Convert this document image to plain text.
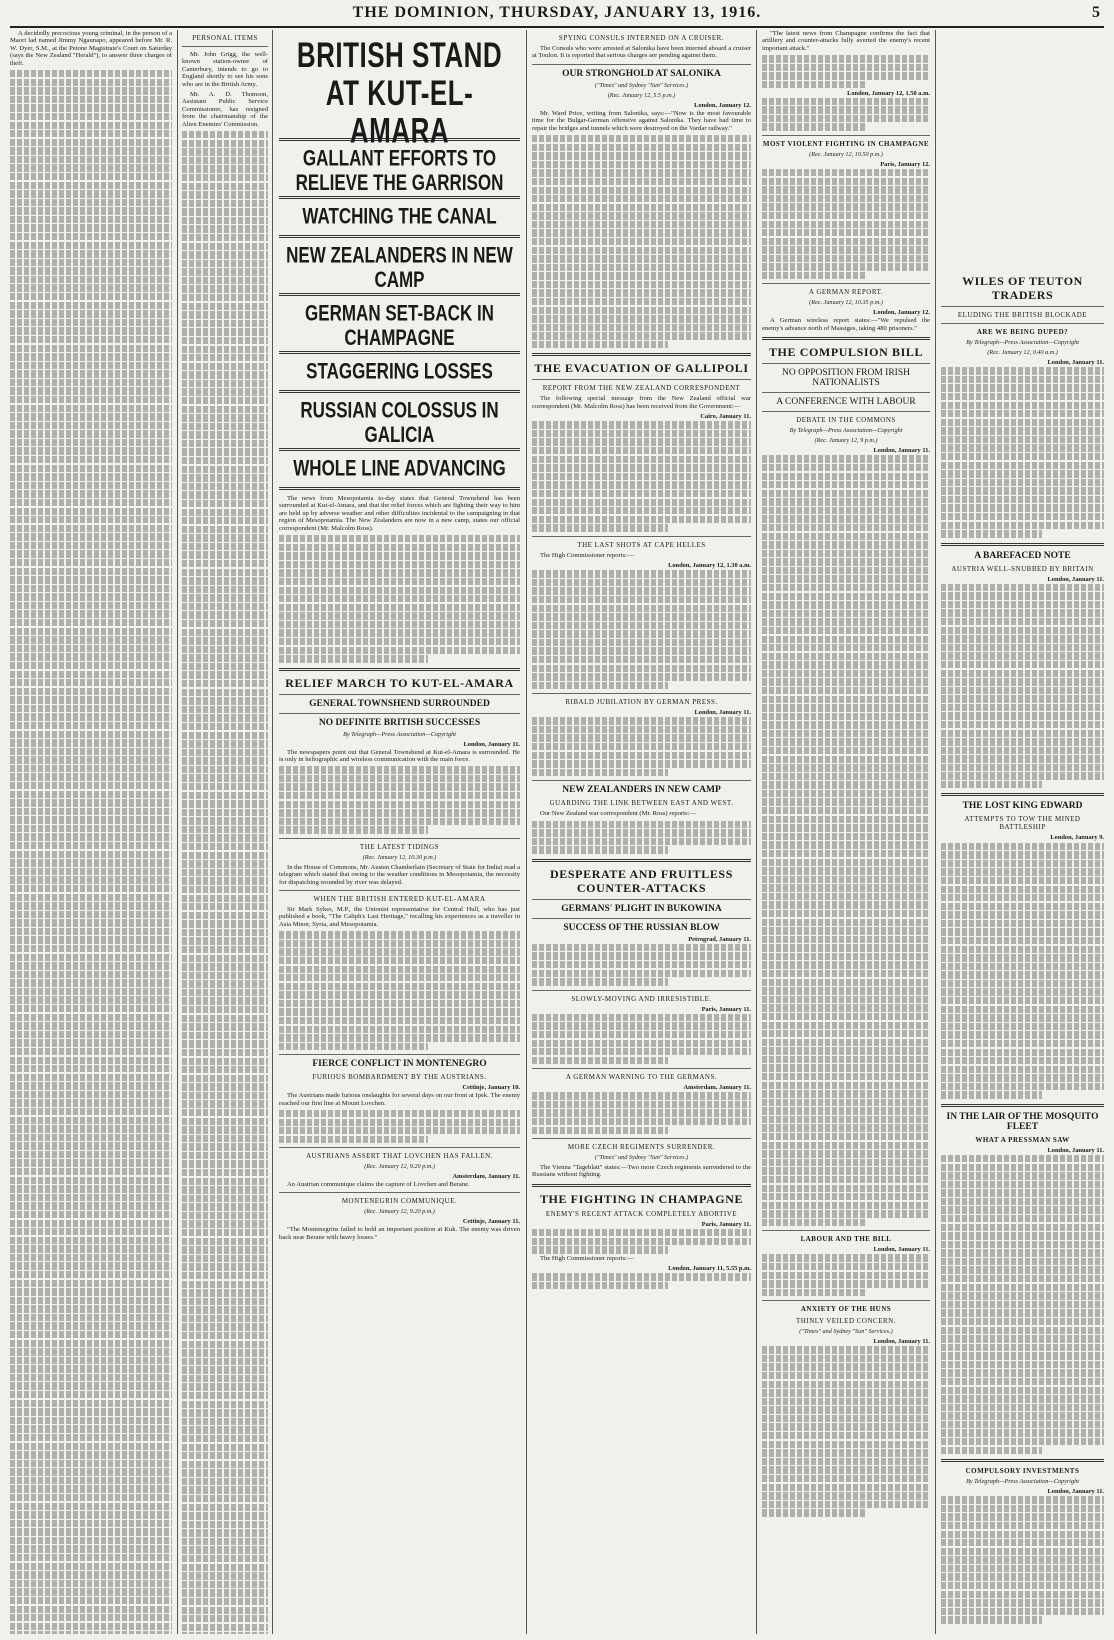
THE DOMINION, THURSDAY, JANUARY 13, 1916.	5

A decidedly precocious young criminal, in the person of a Maori lad named Jimmy Ngaunapo, appeared before Mr. R. W. Dyer, S.M., at the Petone Magistrate's Court on Saturday (says the New Zealand "Herald"), to answer three charges of theft.

PERSONAL ITEMS

Mr. John Grigg, the well-known station-owner of Canterbury, intends to go to England shortly to see his sons who are in the British Army.

Mr. A. D. Thomson, Assistant Public Service Commissioner, has resigned from the chairmanship of the Alien Enemies' Commission.

BRITISH STAND AT KUT-EL-AMARA
GALLANT EFFORTS TO RELIEVE THE GARRISON
WATCHING THE CANAL
NEW ZEALANDERS IN NEW CAMP
GERMAN SET-BACK IN CHAMPAGNE
STAGGERING LOSSES
RUSSIAN COLOSSUS IN GALICIA
WHOLE LINE ADVANCING

The news from Mesopotamia to-day states that General Townshend has been surrounded at Kut-el-Amara, and that the relief forces which are fighting their way to him are held up by adverse weather and other difficulties incidental to the campaigning in that region of Mesopotamia. The New Zealanders are now in a new camp, states our official correspondent (Mr. Malcolm Ross).

RELIEF MARCH TO KUT-EL-AMARA
GENERAL TOWNSHEND SURROUNDED
NO DEFINITE BRITISH SUCCESSES
By Telegraph—Press Association—Copyright
London, January 11.

The newspapers point out that General Townshend at Kut-el-Amara is surrounded. He is only in heliographic and wireless communication with the main force.

THE LATEST TIDINGS
(Rec. January 12, 10.30 p.m.)

In the House of Commons, Mr. Austen Chamberlain (Secretary of State for India) read a telegram which stated that owing to the weather conditions in Mesopotamia, the necessity for dispatching wounded by river was delayed.

WHEN THE BRITISH ENTERED KUT-EL-AMARA

Sir Mark Sykes, M.P., the Unionist representative for Central Hull, who has just published a book, "The Caliph's Last Heritage," recalling his experiences as a traveller in Asia Minor, Syria, and Mesopotamia.

FIERCE CONFLICT IN MONTENEGRO
FURIOUS BOMBARDMENT BY THE AUSTRIANS.
Cettinje, January 10.

The Austrians made furious onslaughts for several days on our front at Ipek. The enemy reached our first line at Mount Lovchen.

AUSTRIANS ASSERT THAT LOVCHEN HAS FALLEN.
(Rec. January 12, 9.20 p.m.)
Amsterdam, January 11.

An Austrian communique claims the capture of Lovchen and Berane.

MONTENEGRIN COMMUNIQUE.
(Rec. January 12, 9.20 p.m.)
Cettinje, January 11.

"The Montenegrins failed to hold an important position at Kuk. The enemy was driven back near Berane with heavy losses."

SPYING CONSULS INTERNED ON A CRUISER.

The Consuls who were arrested at Salonika have been interned aboard a cruiser at Toulon. It is reported that serious charges are pending against them.

OUR STRONGHOLD AT SALONIKA
("Times" and Sydney "Sun" Services.)
(Rec. January 12, 5.5 p.m.)
London, January 12.

Mr. Ward Price, writing from Salonika, says:—"Now is the most favourable time for the Bulgar-German offensive against Salonika. They have had time to repair the bridges and tunnels which were destroyed on the Vardar railway."

THE EVACUATION OF GALLIPOLI
REPORT FROM THE NEW ZEALAND CORRESPONDENT

The following special message from the New Zealand official war correspondent (Mr. Malcolm Ross) has been received from the Government:—

Cairo, January 11.
THE LAST SHOTS AT CAPE HELLES

The High Commissioner reports:—

London, January 12, 1.30 a.m.
RIBALD JUBILATION BY GERMAN PRESS.
London, January 11.
NEW ZEALANDERS IN NEW CAMP
GUARDING THE LINK BETWEEN EAST AND WEST.

Our New Zealand war correspondent (Mr. Ross) reports:—

DESPERATE AND FRUITLESS COUNTER-ATTACKS
GERMANS' PLIGHT IN BUKOWINA
SUCCESS OF THE RUSSIAN BLOW
Petrograd, January 11.
SLOWLY-MOVING AND IRRESISTIBLE.
Paris, January 11.
A GERMAN WARNING TO THE GERMANS.
Amsterdam, January 11.
MORE CZECH REGIMENTS SURRENDER.
("Times" and Sydney "Sun" Services.)

The Vienna "Tageblatt" states:—Two more Czech regiments surrendered to the Russians without fighting.

THE FIGHTING IN CHAMPAGNE
ENEMY'S RECENT ATTACK COMPLETELY ABORTIVE
Paris, January 11.

The High Commissioner reports:—

London, January 11, 5.55 p.m.

"The latest news from Champagne confirms the fact that artillery and counter-attacks fully averted the enemy's recent important attack."

London, January 12, 1.50 a.m.
MOST VIOLENT FIGHTING IN CHAMPAGNE
(Rec. January 12, 10.50 p.m.)
Paris, January 12.
A GERMAN REPORT.
(Rec. January 12, 10.35 p.m.)
London, January 12.

A German wireless report states:—"We repulsed the enemy's advance north of Massiges, taking 480 prisoners."

THE COMPULSION BILL
NO OPPOSITION FROM IRISH NATIONALISTS
A CONFERENCE WITH LABOUR
DEBATE IN THE COMMONS
By Telegraph—Press Association—Copyright
(Rec. January 12, 9 p.m.)
London, January 11.
LABOUR AND THE BILL
London, January 11.
ANXIETY OF THE HUNS
THINLY VEILED CONCERN.
("Times" and Sydney "Sun" Services.)
London, January 11.
WILES OF TEUTON TRADERS
ELUDING THE BRITISH BLOCKADE
ARE WE BEING DUPED?
By Telegraph—Press Association—Copyright
(Rec. January 12, 0.40 a.m.)
London, January 11.
A BAREFACED NOTE
AUSTRIA WELL-SNUBBED BY BRITAIN
London, January 11.
THE LOST KING EDWARD
ATTEMPTS TO TOW THE MINED BATTLESHIP
London, January 9.
IN THE LAIR OF THE MOSQUITO FLEET
WHAT A PRESSMAN SAW
London, January 11.
COMPULSORY INVESTMENTS
By Telegraph—Press Association—Copyright
London, January 11.
